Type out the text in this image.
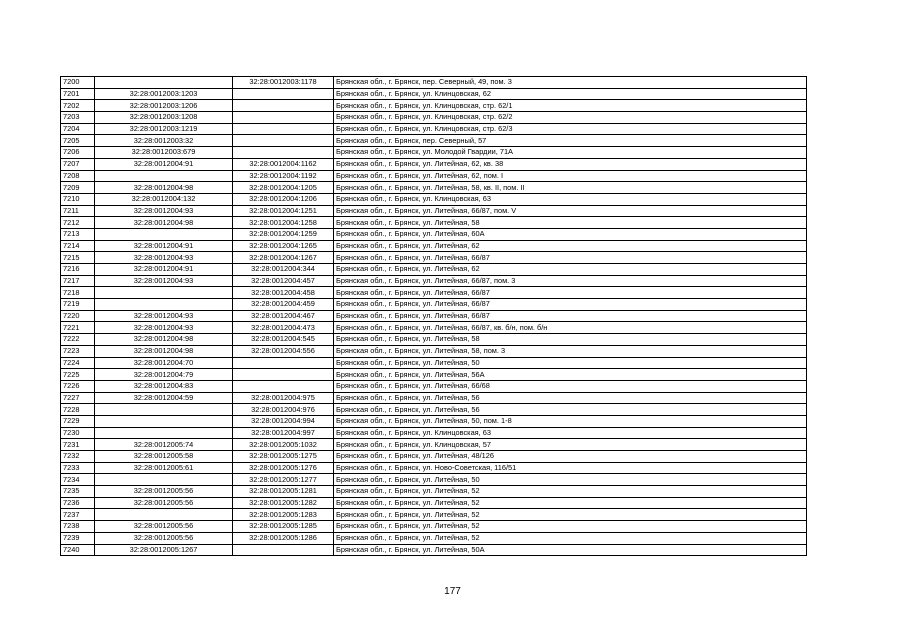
7200		32:28:0012003:1178	Брянская обл., г. Брянск, пер. Северный, 49, пом. 3
7201	32:28:0012003:1203		Брянская обл., г. Брянск, ул. Клинцовская, 62
7202	32:28:0012003:1206		Брянская обл., г. Брянск, ул. Клинцовская, стр. 62/1
7203	32:28:0012003:1208		Брянская обл., г. Брянск, ул. Клинцовская, стр. 62/2
7204	32:28:0012003:1219		Брянская обл., г. Брянск, ул. Клинцовская, стр. 62/3
7205	32:28:0012003:32		Брянская обл., г. Брянск, пер. Северный, 57
7206	32:28:0012003:679		Брянская обл., г. Брянск, ул. Молодой Гвардии, 71А
7207	32:28:0012004:91	32:28:0012004:1162	Брянская обл., г. Брянск, ул. Литейная, 62, кв. 38
7208		32:28:0012004:1192	Брянская обл., г. Брянск, ул. Литейная, 62, пом. I
7209	32:28:0012004:98	32:28:0012004:1205	Брянская обл., г. Брянск, ул. Литейная, 58, кв. II, пом. II
7210	32:28:0012004:132	32:28:0012004:1206	Брянская обл., г. Брянск, ул. Клинцовская, 63
7211	32:28:0012004:93	32:28:0012004:1251	Брянская обл., г. Брянск, ул. Литейная, 66/87, пом. V
7212	32:28:0012004:98	32:28:0012004:1258	Брянская обл., г. Брянск, ул. Литейная, 58
7213		32:28:0012004:1259	Брянская обл., г. Брянск, ул. Литейная, 60А
7214	32:28:0012004:91	32:28:0012004:1265	Брянская обл., г. Брянск, ул. Литейная, 62
7215	32:28:0012004:93	32:28:0012004:1267	Брянская обл., г. Брянск, ул. Литейная, 66/87
7216	32:28:0012004:91	32:28:0012004:344	Брянская обл., г. Брянск, ул. Литейная, 62
7217	32:28:0012004:93	32:28:0012004:457	Брянская обл., г. Брянск, ул. Литейная, 66/87, пом. 3
7218		32:28:0012004:458	Брянская обл., г. Брянск, ул. Литейная, 66/87
7219		32:28:0012004:459	Брянская обл., г. Брянск, ул. Литейная, 66/87
7220	32:28:0012004:93	32:28:0012004:467	Брянская обл., г. Брянск, ул. Литейная, 66/87
7221	32:28:0012004:93	32:28:0012004:473	Брянская обл., г. Брянск, ул. Литейная, 66/87, кв. б/н, пом. б/н
7222	32:28:0012004:98	32:28:0012004:545	Брянская обл., г. Брянск, ул. Литейная, 58
7223	32:28:0012004:98	32:28:0012004:556	Брянская обл., г. Брянск, ул. Литейная, 58, пом. 3
7224	32:28:0012004:70		Брянская обл., г. Брянск, ул. Литейная, 50
7225	32:28:0012004:79		Брянская обл., г. Брянск, ул. Литейная, 56А
7226	32:28:0012004:83		Брянская обл., г. Брянск, ул. Литейная, 66/68
7227	32:28:0012004:59	32:28:0012004:975	Брянская обл., г. Брянск, ул. Литейная, 56
7228		32:28:0012004:976	Брянская обл., г. Брянск, ул. Литейная, 56
7229		32:28:0012004:994	Брянская обл., г. Брянск, ул. Литейная, 50, пом. 1-8
7230		32:28:0012004:997	Брянская обл., г. Брянск, ул. Клинцовская, 63
7231	32:28:0012005:74	32:28:0012005:1032	Брянская обл., г. Брянск, ул. Клинцовская, 57
7232	32:28:0012005:58	32:28:0012005:1275	Брянская обл., г. Брянск, ул. Литейная, 48/126
7233	32:28:0012005:61	32:28:0012005:1276	Брянская обл., г. Брянск, ул. Ново-Советская, 116/51
7234		32:28:0012005:1277	Брянская обл., г. Брянск, ул. Литейная, 50
7235	32:28:0012005:56	32:28:0012005:1281	Брянская обл., г. Брянск, ул. Литейная, 52
7236	32:28:0012005:56	32:28:0012005:1282	Брянская обл., г. Брянск, ул. Литейная, 52
7237		32:28:0012005:1283	Брянская обл., г. Брянск, ул. Литейная, 52
7238	32:28:0012005:56	32:28:0012005:1285	Брянская обл., г. Брянск, ул. Литейная, 52
7239	32:28:0012005:56	32:28:0012005:1286	Брянская обл., г. Брянск, ул. Литейная, 52
7240	32:28:0012005:1267		Брянская обл., г. Брянск, ул. Литейная, 50А
177
